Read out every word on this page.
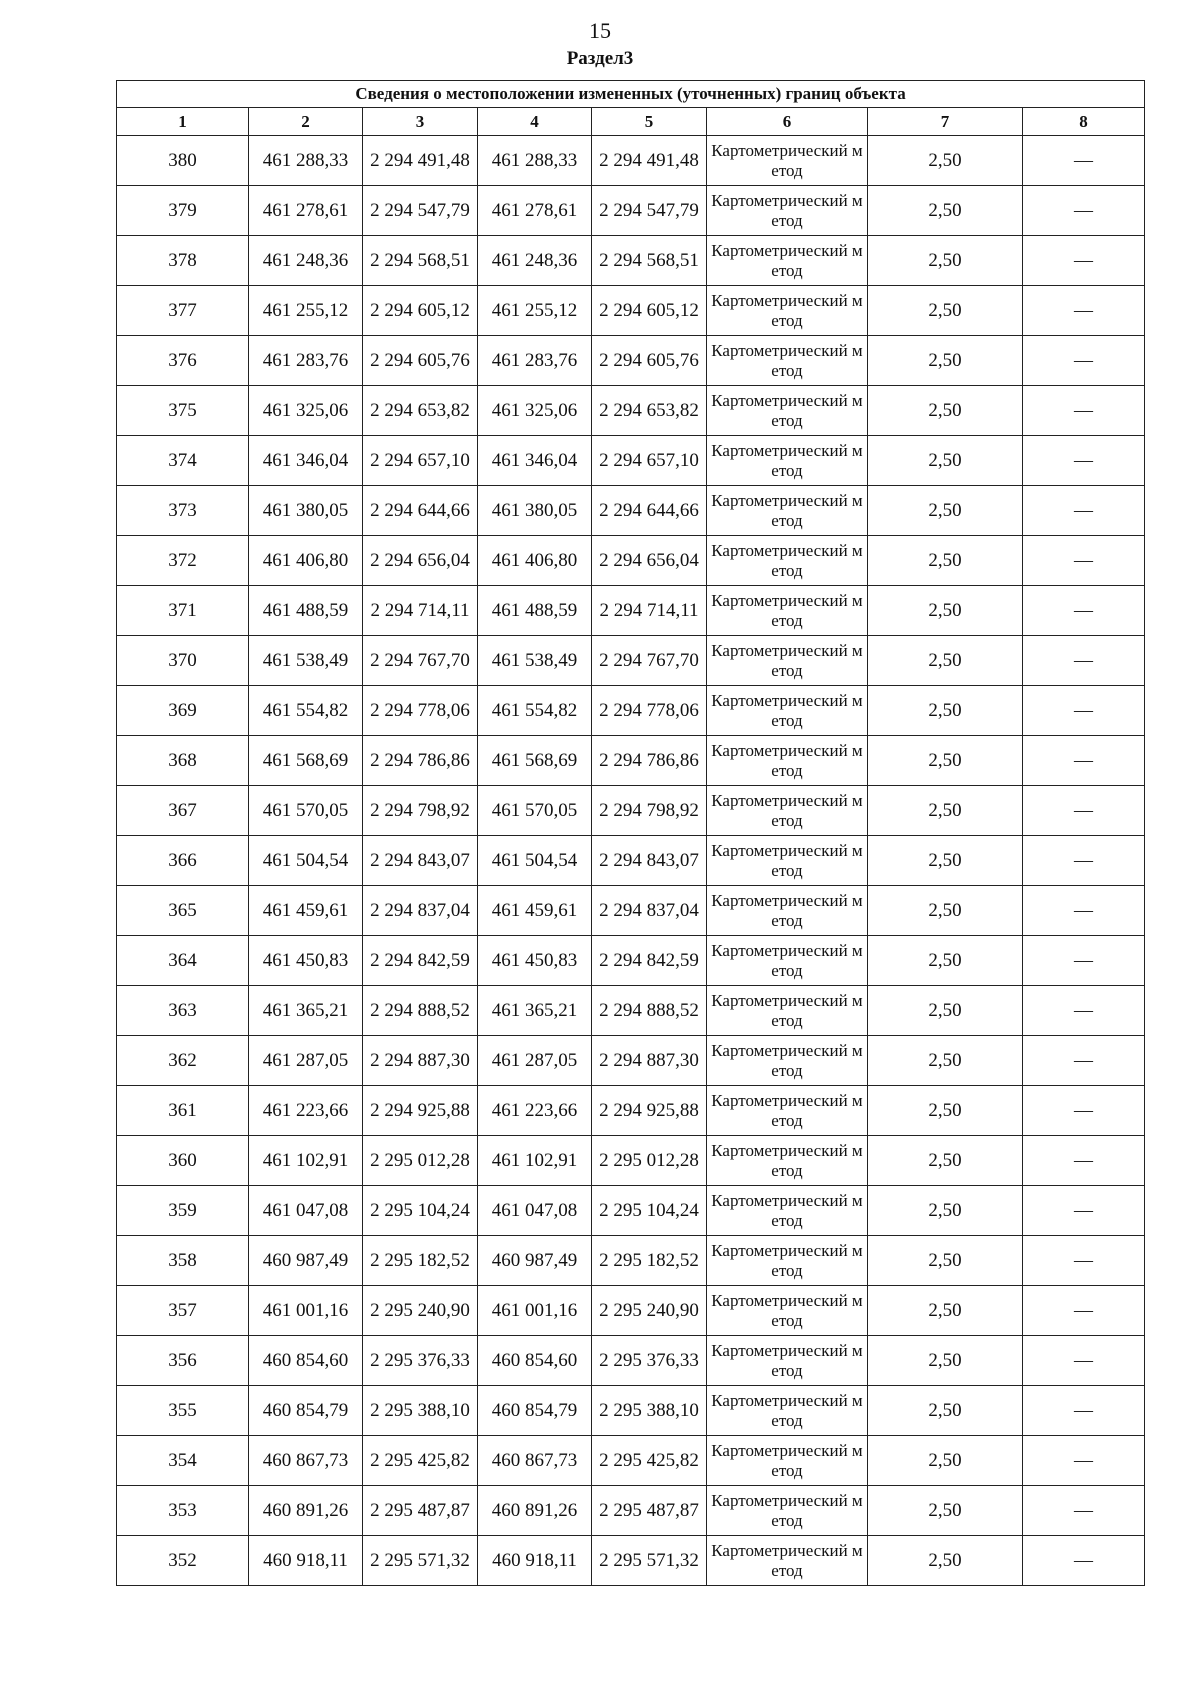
15
Раздел3
Сведения о местоположении измененных (уточненных) границ объекта							
1	2	3	4	5	6	7	8
380	461 288,33	2 294 491,48	461 288,33	2 294 491,48	Картометрический метод	2,50	—
379	461 278,61	2 294 547,79	461 278,61	2 294 547,79	Картометрический метод	2,50	—
378	461 248,36	2 294 568,51	461 248,36	2 294 568,51	Картометрический метод	2,50	—
377	461 255,12	2 294 605,12	461 255,12	2 294 605,12	Картометрический метод	2,50	—
376	461 283,76	2 294 605,76	461 283,76	2 294 605,76	Картометрический метод	2,50	—
375	461 325,06	2 294 653,82	461 325,06	2 294 653,82	Картометрический метод	2,50	—
374	461 346,04	2 294 657,10	461 346,04	2 294 657,10	Картометрический метод	2,50	—
373	461 380,05	2 294 644,66	461 380,05	2 294 644,66	Картометрический метод	2,50	—
372	461 406,80	2 294 656,04	461 406,80	2 294 656,04	Картометрический метод	2,50	—
371	461 488,59	2 294 714,11	461 488,59	2 294 714,11	Картометрический метод	2,50	—
370	461 538,49	2 294 767,70	461 538,49	2 294 767,70	Картометрический метод	2,50	—
369	461 554,82	2 294 778,06	461 554,82	2 294 778,06	Картометрический метод	2,50	—
368	461 568,69	2 294 786,86	461 568,69	2 294 786,86	Картометрический метод	2,50	—
367	461 570,05	2 294 798,92	461 570,05	2 294 798,92	Картометрический метод	2,50	—
366	461 504,54	2 294 843,07	461 504,54	2 294 843,07	Картометрический метод	2,50	—
365	461 459,61	2 294 837,04	461 459,61	2 294 837,04	Картометрический метод	2,50	—
364	461 450,83	2 294 842,59	461 450,83	2 294 842,59	Картометрический метод	2,50	—
363	461 365,21	2 294 888,52	461 365,21	2 294 888,52	Картометрический метод	2,50	—
362	461 287,05	2 294 887,30	461 287,05	2 294 887,30	Картометрический метод	2,50	—
361	461 223,66	2 294 925,88	461 223,66	2 294 925,88	Картометрический метод	2,50	—
360	461 102,91	2 295 012,28	461 102,91	2 295 012,28	Картометрический метод	2,50	—
359	461 047,08	2 295 104,24	461 047,08	2 295 104,24	Картометрический метод	2,50	—
358	460 987,49	2 295 182,52	460 987,49	2 295 182,52	Картометрический метод	2,50	—
357	461 001,16	2 295 240,90	461 001,16	2 295 240,90	Картометрический метод	2,50	—
356	460 854,60	2 295 376,33	460 854,60	2 295 376,33	Картометрический метод	2,50	—
355	460 854,79	2 295 388,10	460 854,79	2 295 388,10	Картометрический метод	2,50	—
354	460 867,73	2 295 425,82	460 867,73	2 295 425,82	Картометрический метод	2,50	—
353	460 891,26	2 295 487,87	460 891,26	2 295 487,87	Картометрический метод	2,50	—
352	460 918,11	2 295 571,32	460 918,11	2 295 571,32	Картометрический метод	2,50	—
